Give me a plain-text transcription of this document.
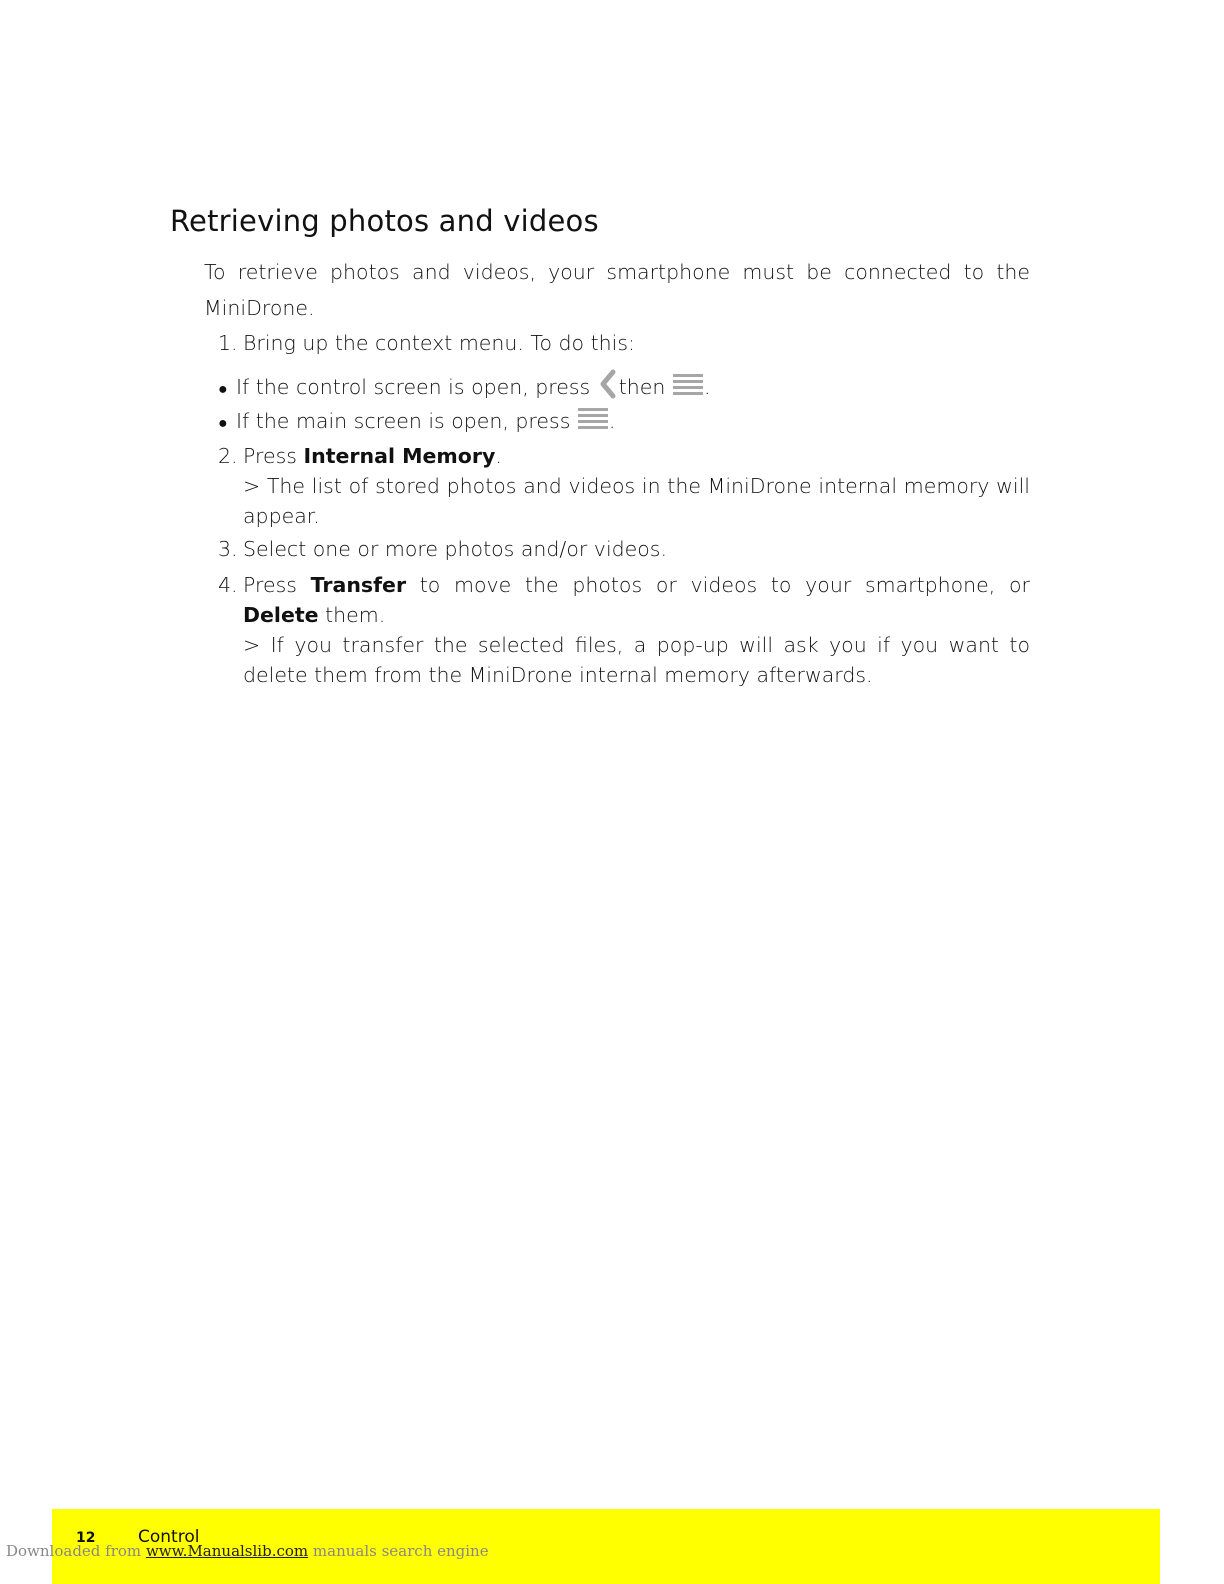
Retrieving photos and videos

To retrieve photos and videos, your smartphone must be connected to the MiniDrone.

1. Bring up the context menu. To do this:
● If the control screen is open, press then .
● If the main screen is open, press .
2. Press Internal Memory.
> The list of stored photos and videos in the MiniDrone internal memory will appear.
3. Select one or more photos and/or videos.
4. Press Transfer to move the photos or videos to your smartphone, or Delete them.
> If you transfer the selected files, a pop-up will ask you if you want to delete them from the MiniDrone internal memory afterwards.
12	Control
Downloaded from www.Manualslib.com manuals search engine
